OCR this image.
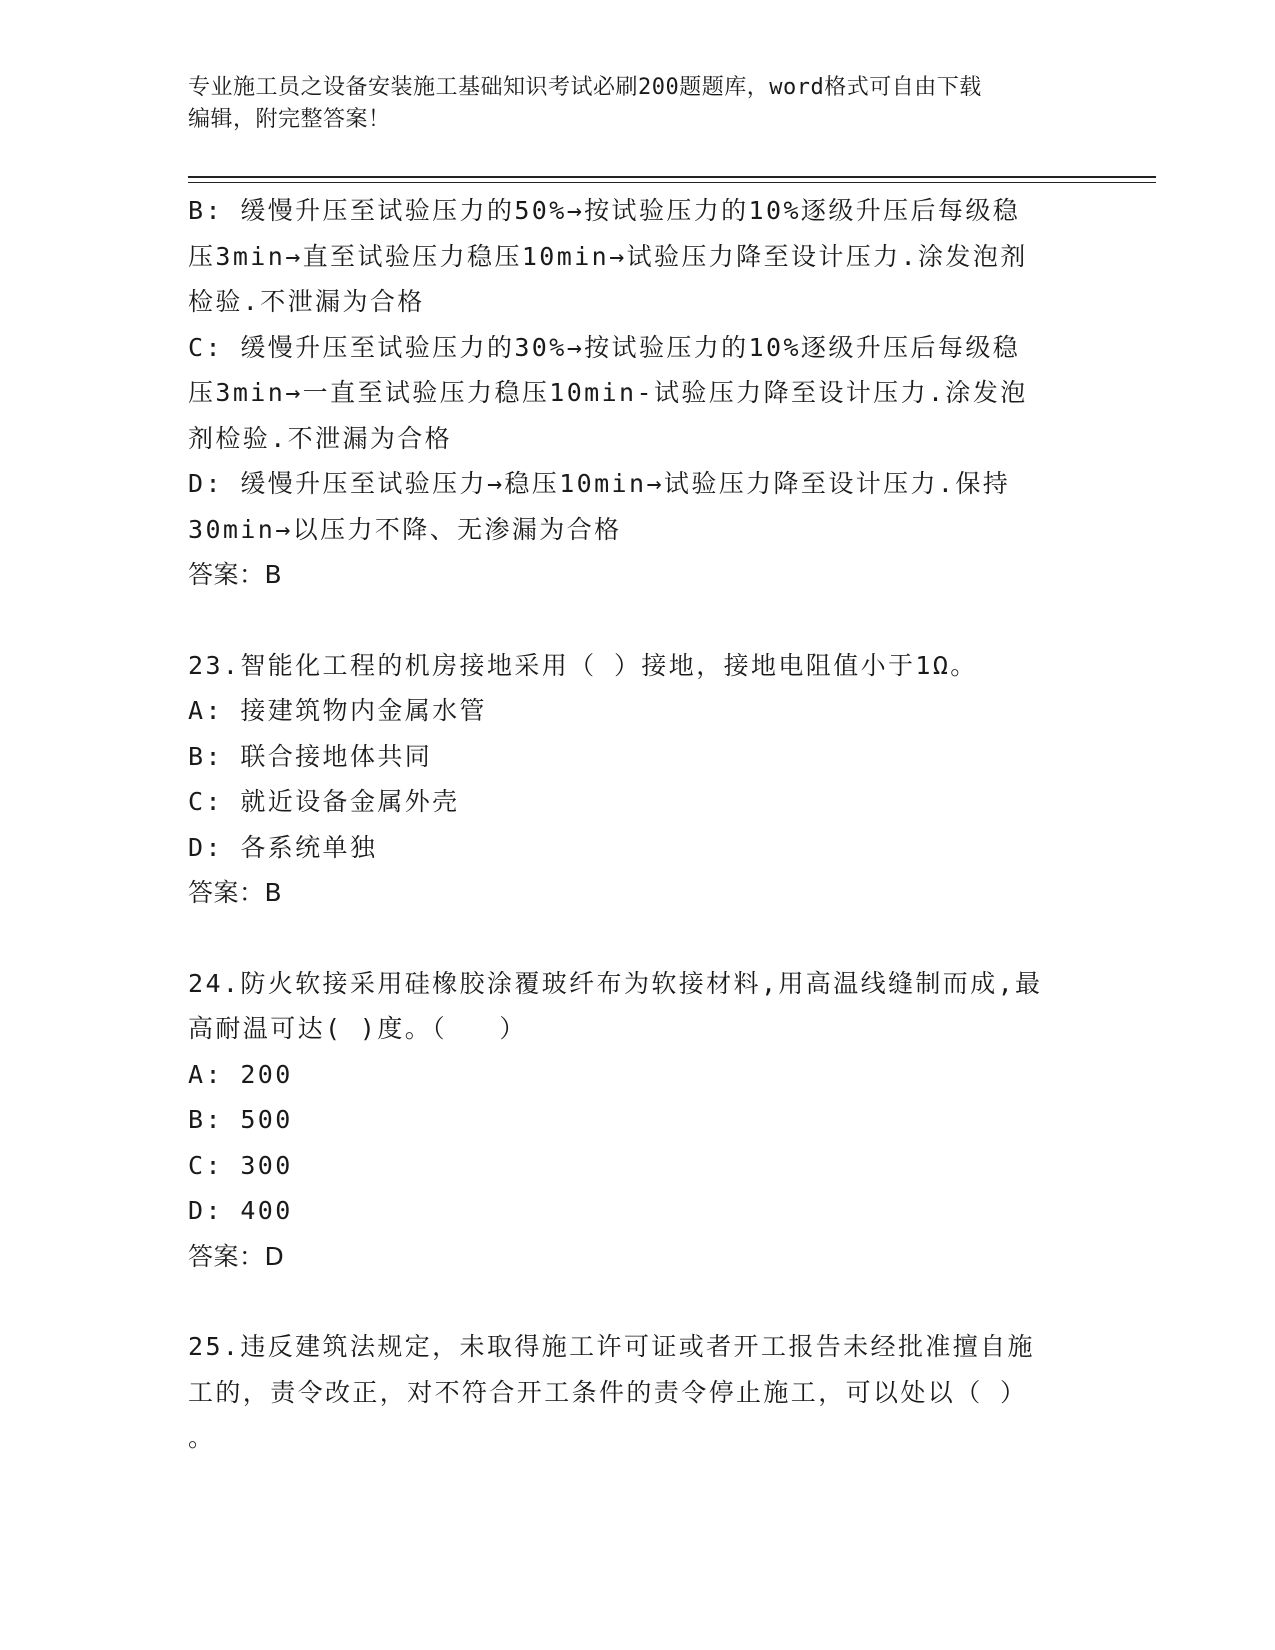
专业施工员之设备安装施工基础知识考试必刷200题题库，word格式可自由下载
编辑，附完整答案！
B: 缓慢升压至试验压力的50%→按试验压力的10%逐级升压后每级稳
压3min→直至试验压力稳压10min→试验压力降至设计压力.涂发泡剂
检验.不泄漏为合格
C: 缓慢升压至试验压力的30%→按试验压力的10%逐级升压后每级稳
压3min→一直至试验压力稳压10min-试验压力降至设计压力.涂发泡
剂检验.不泄漏为合格
D: 缓慢升压至试验压力→稳压10min→试验压力降至设计压力.保持
30min→以压力不降、无渗漏为合格
答案：B
23.智能化工程的机房接地采用（ ）接地，接地电阻值小于1Ω。
A: 接建筑物内金属水管
B: 联合接地体共同
C: 就近设备金属外壳
D: 各系统单独
答案：B
24.防火软接采用硅橡胶涂覆玻纤布为软接材料,用高温线缝制而成,最
高耐温可达( )度。（   ）
A: 200
B: 500
C: 300
D: 400
答案：D
25.违反建筑法规定，未取得施工许可证或者开工报告未经批准擅自施
工的，责令改正，对不符合开工条件的责令停止施工，可以处以（ ）
。
